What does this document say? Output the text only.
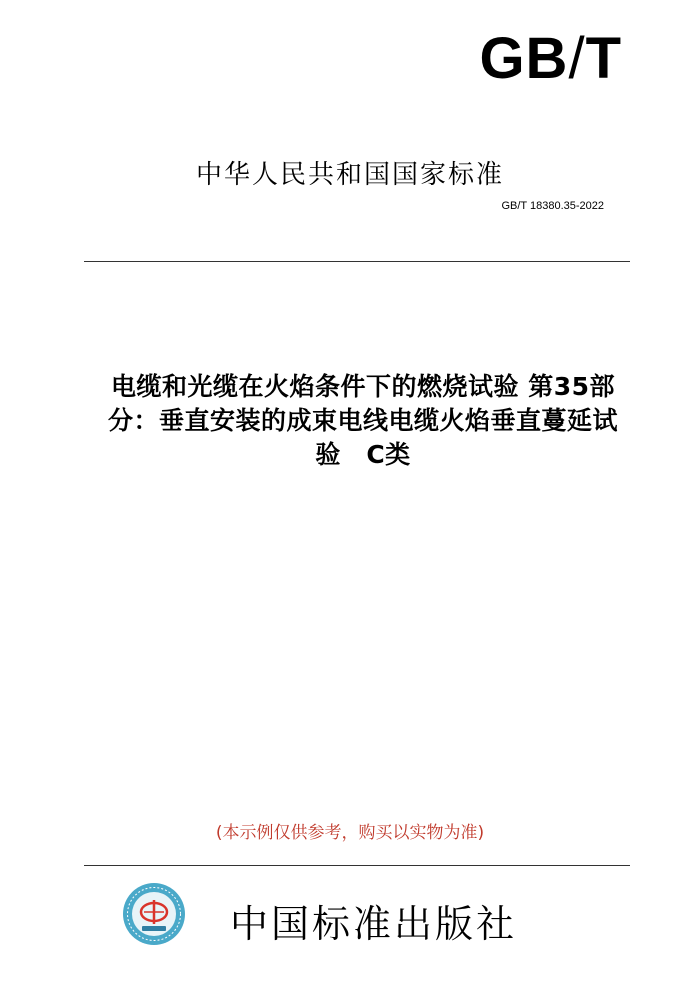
GB/T
中华人民共和国国家标准
GB/T 18380.35-2022
电缆和光缆在火焰条件下的燃烧试验 第35部
分：垂直安装的成束电线电缆火焰垂直蔓延试
验　C类
(本示例仅供参考，购买以实物为准)
中国标准出版社
